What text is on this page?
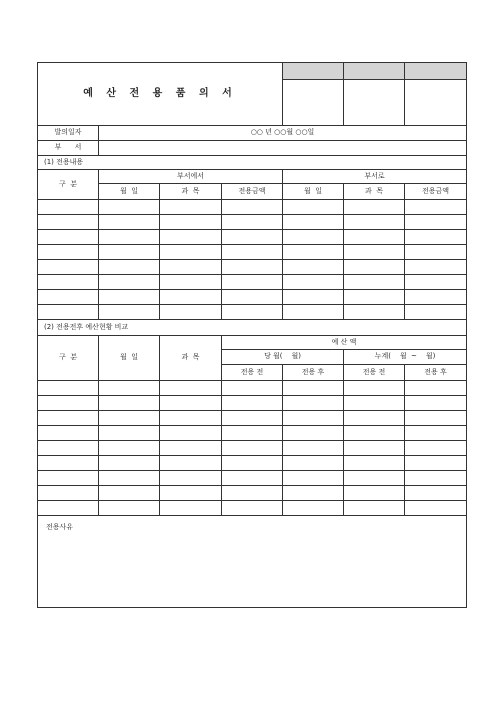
예 산 전 용 품 의 서			

발의일자	○○ 년 ○○월 ○○일					
부      서						
(1) 전용내용						
구  분	부서에서			부서로		
	월  일	과  목	전용금액	월  일	과  목	전용금액

(2) 전용전후 예산현황 비교						
구  분	월  일	과  목	예 산 액			
			당 월(    월)		누계(    월  ~    월)	
			전용 전	전용 후	전용 전	전용 후

전용사유						
